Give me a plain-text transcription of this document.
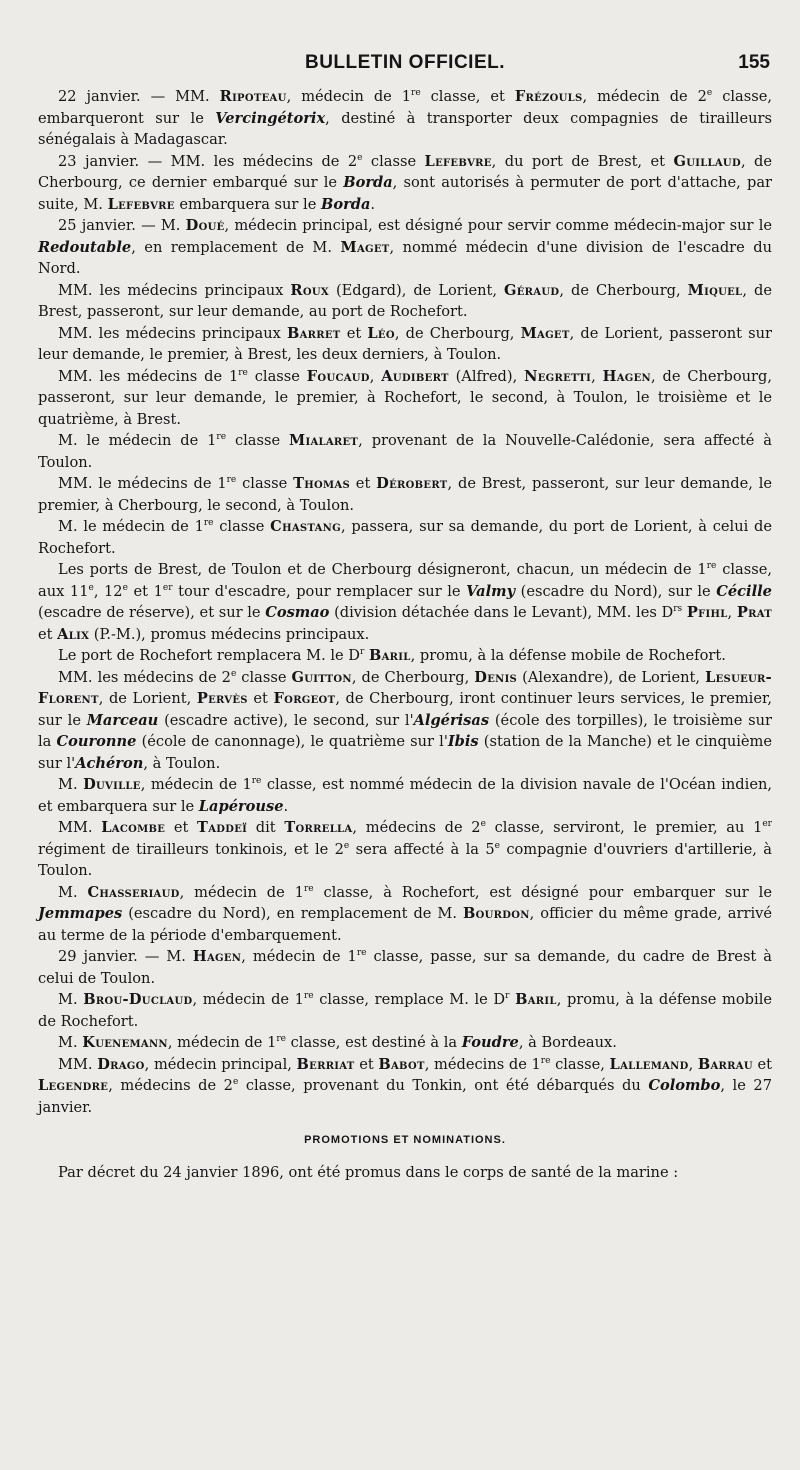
BULLETIN OFFICIEL.	155

22 janvier. — MM. Ripoteau, médecin de 1re classe, et Frézouls, médecin de 2e classe, embarqueront sur le Vercingétorix, destiné à transporter deux compagnies de tirailleurs sénégalais à Madagascar.

23 janvier. — MM. les médecins de 2e classe Lefebvre, du port de Brest, et Guillaud, de Cherbourg, ce dernier embarqué sur le Borda, sont autorisés à permuter de port d'attache, par suite, M. Lefebvre embarquera sur le Borda.

25 janvier. — M. Doué, médecin principal, est désigné pour servir comme médecin-major sur le Redoutable, en remplacement de M. Maget, nommé médecin d'une division de l'escadre du Nord.

MM. les médecins principaux Roux (Edgard), de Lorient, Géraud, de Cherbourg, Miquel, de Brest, passeront, sur leur demande, au port de Rochefort.

MM. les médecins principaux Barret et Léo, de Cherbourg, Maget, de Lorient, passeront sur leur demande, le premier, à Brest, les deux derniers, à Toulon.

MM. les médecins de 1re classe Foucaud, Audibert (Alfred), Negretti, Hagen, de Cherbourg, passeront, sur leur demande, le premier, à Rochefort, le second, à Toulon, le troisième et le quatrième, à Brest.

M. le médecin de 1re classe Mialaret, provenant de la Nouvelle-Calédonie, sera affecté à Toulon.

MM. le médecins de 1re classe Thomas et Dérobert, de Brest, passeront, sur leur demande, le premier, à Cherbourg, le second, à Toulon.

M. le médecin de 1re classe Chastang, passera, sur sa demande, du port de Lorient, à celui de Rochefort.

Les ports de Brest, de Toulon et de Cherbourg désigneront, chacun, un médecin de 1re classe, aux 11e, 12e et 1er tour d'escadre, pour remplacer sur le Valmy (escadre du Nord), sur le Cécille (escadre de réserve), et sur le Cosmao (division détachée dans le Levant), MM. les $D^{rs}$ Pfihl, Prat et Alix (P.-M.), promus médecins principaux.

Le port de Rochefort remplacera M. le $D^r$ Baril, promu, à la défense mobile de Rochefort.

MM. les médecins de 2e classe Guitton, de Cherbourg, Denis (Alexandre), de Lorient, Lesueur-Florent, de Lorient, Pervès et Forgeot, de Cherbourg, iront continuer leurs services, le premier, sur le Marceau (escadre active), le second, sur l'Algérisas (école des torpilles), le troisième sur la Couronne (école de canonnage), le quatrième sur l'Ibis (station de la Manche) et le cinquième sur l'Achéron, à Toulon.

M. Duville, médecin de 1re classe, est nommé médecin de la division navale de l'Océan indien, et embarquera sur le Lapérouse.

MM. Lacombe et Taddeï dit Torrella, médecins de 2e classe, serviront, le premier, au 1er régiment de tirailleurs tonkinois, et le 2e sera affecté à la 5e compagnie d'ouvriers d'artillerie, à Toulon.

M. Chasseriaud, médecin de 1re classe, à Rochefort, est désigné pour embarquer sur le Jemmapes (escadre du Nord), en remplacement de M. Bourdon, officier du même grade, arrivé au terme de la période d'embarquement.

29 janvier. — M. Hagen, médecin de 1re classe, passe, sur sa demande, du cadre de Brest à celui de Toulon.

M. Brou-Duclaud, médecin de 1re classe, remplace M. le $D^r$ Baril, promu, à la défense mobile de Rochefort.

M. Kuenemann, médecin de 1re classe, est destiné à la Foudre, à Bordeaux.

MM. Drago, médecin principal, Berriat et Babot, médecins de 1re classe, Lallemand, Barrau et Legendre, médecins de 2e classe, provenant du Tonkin, ont été débarqués du Colombo, le 27 janvier.

PROMOTIONS ET NOMINATIONS.

Par décret du 24 janvier 1896, ont été promus dans le corps de santé de la marine :
